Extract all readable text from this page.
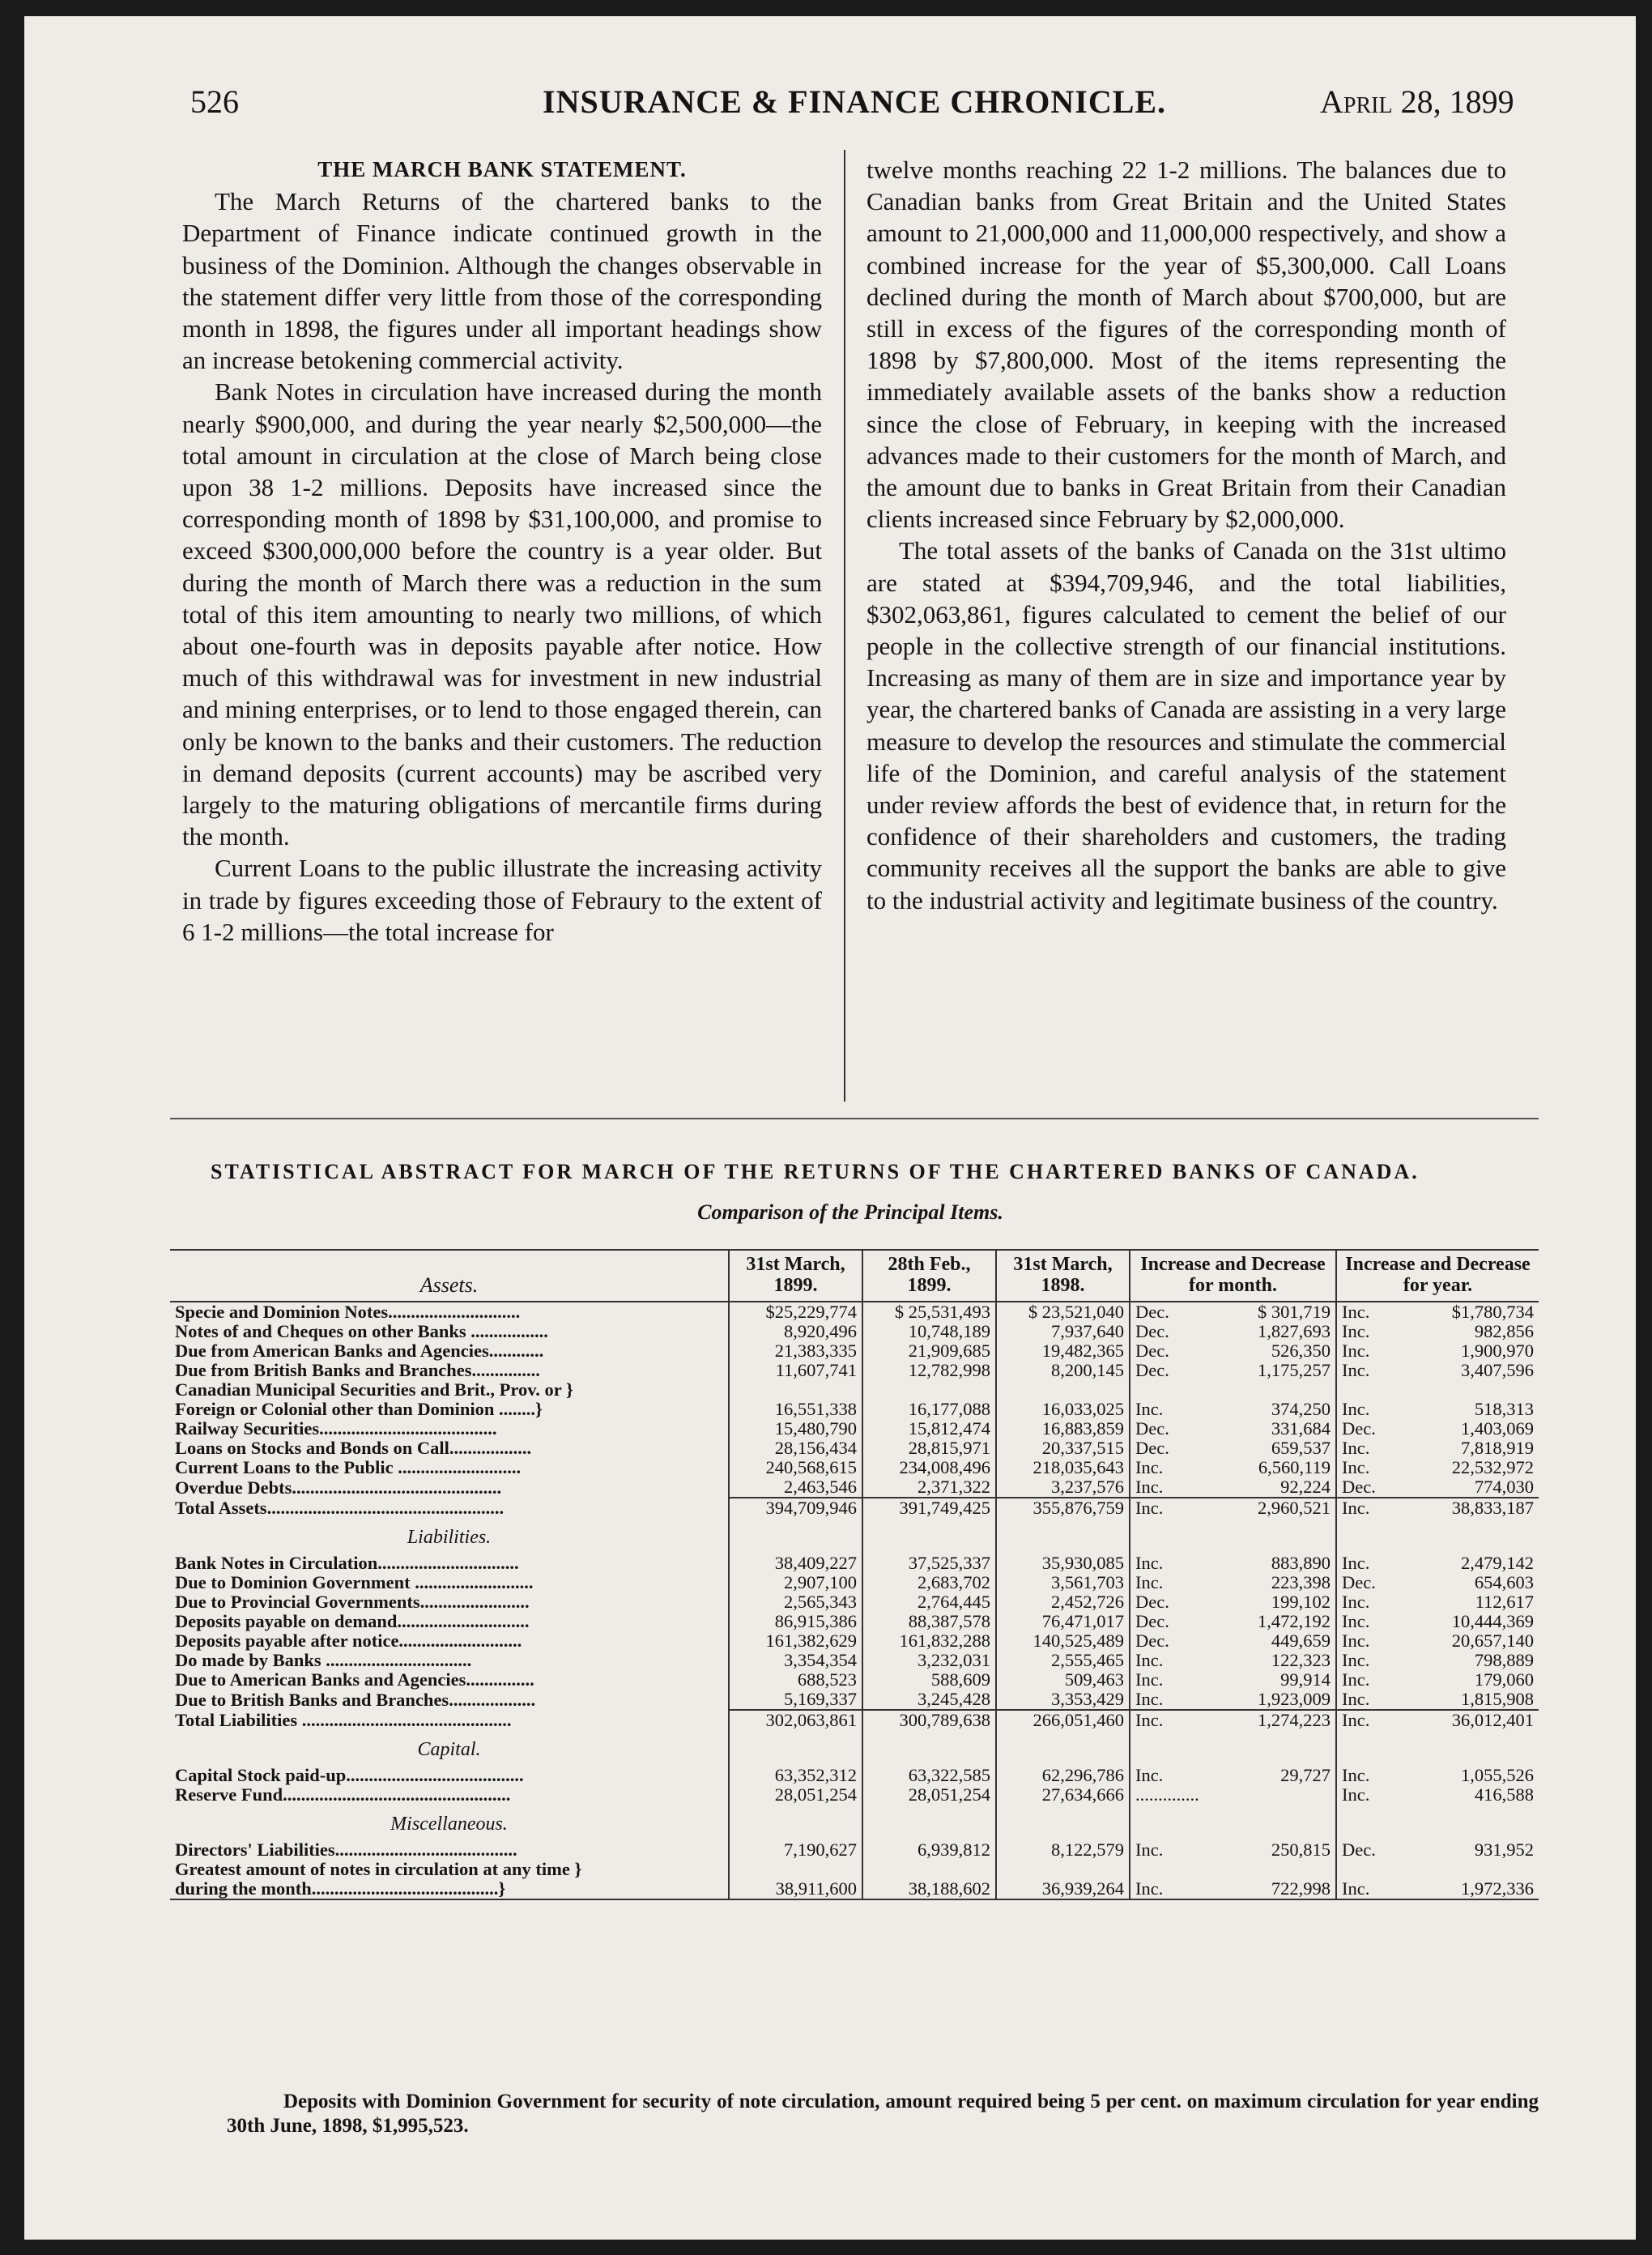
526	INSURANCE & FINANCE CHRONICLE.	April 28, 1899

THE MARCH BANK STATEMENT.

The March Returns of the chartered banks to the Department of Finance indicate continued growth in the business of the Dominion. Although the changes observable in the statement differ very little from those of the corresponding month in 1898, the figures under all important headings show an increase betokening commercial activity.

Bank Notes in circulation have increased during the month nearly $900,000, and during the year nearly $2,500,000—the total amount in circulation at the close of March being close upon 38 1-2 millions. Deposits have increased since the corresponding month of 1898 by $31,100,000, and promise to exceed $300,000,000 before the country is a year older. But during the month of March there was a reduction in the sum total of this item amounting to nearly two millions, of which about one-fourth was in deposits payable after notice. How much of this withdrawal was for investment in new industrial and mining enterprises, or to lend to those engaged therein, can only be known to the banks and their customers. The reduction in demand deposits (current accounts) may be ascribed very largely to the maturing obligations of mercantile firms during the month.

Current Loans to the public illustrate the increasing activity in trade by figures exceeding those of Febraury to the extent of 6 1-2 millions—the total increase for

twelve months reaching 22 1-2 millions. The balances due to Canadian banks from Great Britain and the United States amount to 21,000,000 and 11,000,000 respectively, and show a combined increase for the year of $5,300,000. Call Loans declined during the month of March about $700,000, but are still in excess of the figures of the corresponding month of 1898 by $7,800,000. Most of the items representing the immediately available assets of the banks show a reduction since the close of February, in keeping with the increased advances made to their customers for the month of March, and the amount due to banks in Great Britain from their Canadian clients increased since February by $2,000,000.

The total assets of the banks of Canada on the 31st ultimo are stated at $394,709,946, and the total liabilities, $302,063,861, figures calculated to cement the belief of our people in the collective strength of our financial institutions. Increasing as many of them are in size and importance year by year, the chartered banks of Canada are assisting in a very large measure to develop the resources and stimulate the commercial life of the Dominion, and careful analysis of the statement under review affords the best of evidence that, in return for the confidence of their shareholders and customers, the trading community receives all the support the banks are able to give to the industrial activity and legitimate business of the country.

STATISTICAL ABSTRACT FOR MARCH OF THE RETURNS OF THE CHARTERED BANKS OF CANADA.
Comparison of the Principal Items.
Assets.	31st March, 1899.	28th Feb., 1899.	31st March, 1898.	Increase and Decrease for month.	Increase and Decrease for year.
Specie and Dominion Notes.............................	$25,229,774	$ 25,531,493	$ 23,521,040	Dec. $ 301,719	Inc. $1,780,734

Notes of and Cheques on other Banks .................	8,920,496	10,748,189	7,937,640	Dec. 1,827,693	Inc. 982,856

Due from American Banks and Agencies............	21,383,335	21,909,685	19,482,365	Dec. 526,350	Inc. 1,900,970

Due from British Banks and Branches...............	11,607,741	12,782,998	8,200,145	Dec. 1,175,257	Inc. 3,407,596

Canadian Municipal Securities and Brit., Prov. or }				

Foreign or Colonial other than Dominion ........}	16,551,338	16,177,088	16,033,025	Inc. 374,250	Inc. 518,313

Railway Securities.......................................	15,480,790	15,812,474	16,883,859	Dec. 331,684	Dec. 1,403,069

Loans on Stocks and Bonds on Call..................	28,156,434	28,815,971	20,337,515	Dec. 659,537	Inc. 7,818,919

Current Loans to the Public ...........................	240,568,615	234,008,496	218,035,643	Inc. 6,560,119	Inc. 22,532,972

Overdue Debts..............................................	2,463,546	2,371,322	3,237,576	Inc. 92,224	Dec. 774,030

Total Assets....................................................	394,709,946	391,749,425	355,876,759	Inc. 2,960,521	Inc. 38,833,187

Liabilities.					
Bank Notes in Circulation...............................	38,409,227	37,525,337	35,930,085	Inc. 883,890	Inc. 2,479,142

Due to Dominion Government ..........................	2,907,100	2,683,702	3,561,703	Inc. 223,398	Dec. 654,603

Due to Provincial Governments........................	2,565,343	2,764,445	2,452,726	Dec. 199,102	Inc. 112,617

Deposits payable on demand.............................	86,915,386	88,387,578	76,471,017	Dec. 1,472,192	Inc. 10,444,369

Deposits payable after notice...........................	161,382,629	161,832,288	140,525,489	Dec. 449,659	Inc. 20,657,140

Do made by Banks ................................	3,354,354	3,232,031	2,555,465	Inc. 122,323	Inc. 798,889

Due to American Banks and Agencies...............	688,523	588,609	509,463	Inc. 99,914	Inc. 179,060

Due to British Banks and Branches...................	5,169,337	3,245,428	3,353,429	Inc. 1,923,009	Inc. 1,815,908

Total Liabilities ..............................................	302,063,861	300,789,638	266,051,460	Inc. 1,274,223	Inc. 36,012,401

Capital.					
Capital Stock paid-up.......................................	63,352,312	63,322,585	62,296,786	Inc. 29,727	Inc. 1,055,526

Reserve Fund..................................................	28,051,254	28,051,254	27,634,666	..............	Inc. 416,588

Miscellaneous.					
Directors' Liabilities........................................	7,190,627	6,939,812	8,122,579	Inc. 250,815	Dec. 931,952

Greatest amount of notes in circulation at any time }				

during the month.........................................}	38,911,600	38,188,602	36,939,264	Inc. 722,998	Inc. 1,972,336
Deposits with Dominion Government for security of note circulation, amount required being 5 per cent. on maximum circulation for year ending 30th June, 1898, $1,995,523.
